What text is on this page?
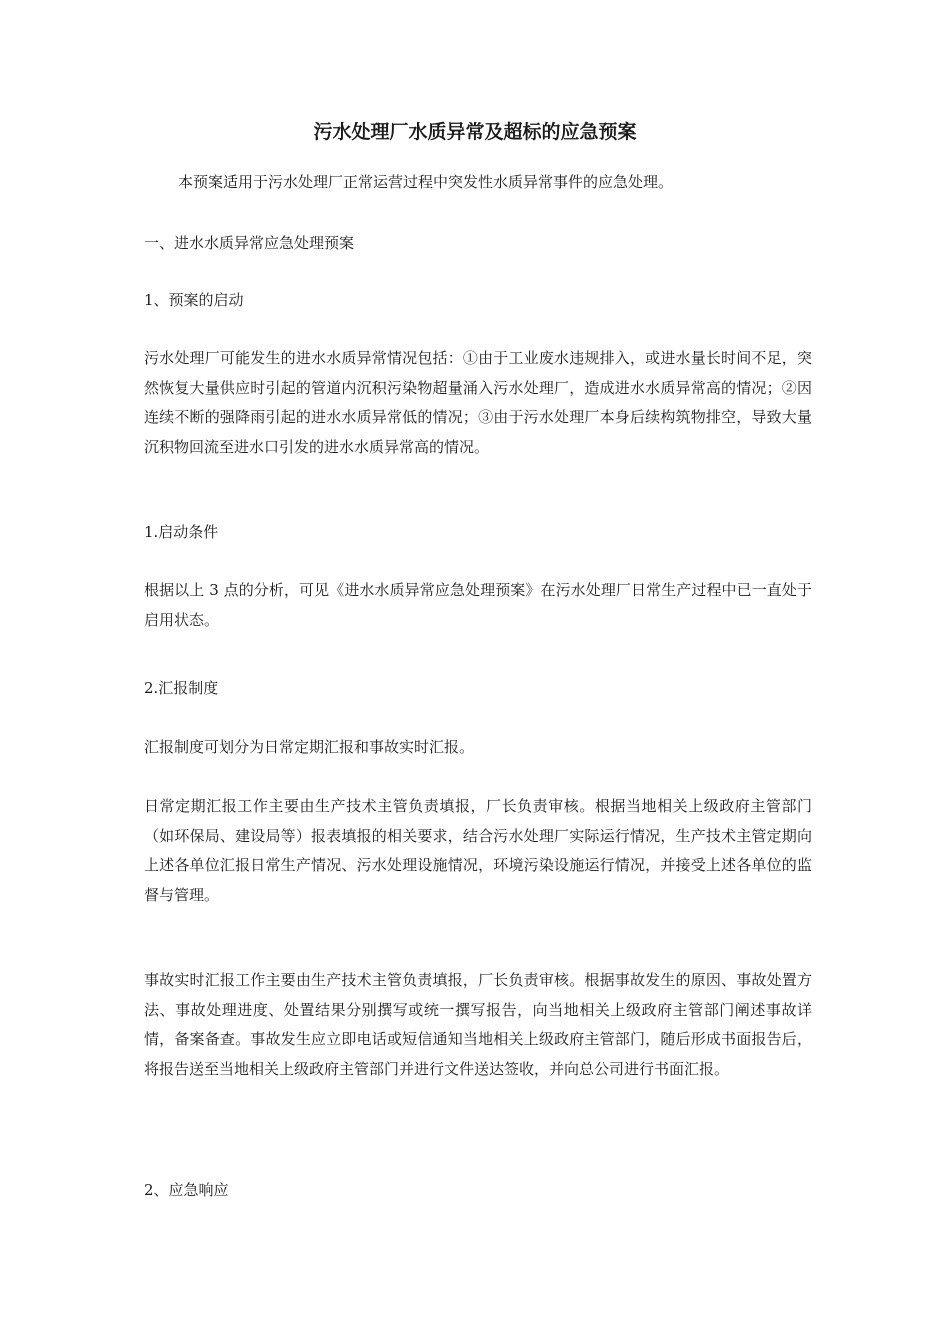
污水处理厂水质异常及超标的应急预案

本预案适用于污水处理厂正常运营过程中突发性水质异常事件的应急处理。

一、进水水质异常应急处理预案

1、预案的启动

污水处理厂可能发生的进水水质异常情况包括：①由于工业废水违规排入，或进水量长时间不足，突然恢复大量供应时引起的管道内沉积污染物超量涌入污水处理厂，造成进水水质异常高的情况；②因连续不断的强降雨引起的进水水质异常低的情况；③由于污水处理厂本身后续构筑物排空，导致大量沉积物回流至进水口引发的进水水质异常高的情况。

1.启动条件

根据以上 3 点的分析，可见《进水水质异常应急处理预案》在污水处理厂日常生产过程中已一直处于启用状态。

2.汇报制度

汇报制度可划分为日常定期汇报和事故实时汇报。

日常定期汇报工作主要由生产技术主管负责填报，厂长负责审核。根据当地相关上级政府主管部门（如环保局、建设局等）报表填报的相关要求，结合污水处理厂实际运行情况，生产技术主管定期向上述各单位汇报日常生产情况、污水处理设施情况，环境污染设施运行情况，并接受上述各单位的监督与管理。

事故实时汇报工作主要由生产技术主管负责填报，厂长负责审核。根据事故发生的原因、事故处置方法、事故处理进度、处置结果分别撰写或统一撰写报告，向当地相关上级政府主管部门阐述事故详情，备案备查。事故发生应立即电话或短信通知当地相关上级政府主管部门，随后形成书面报告后，将报告送至当地相关上级政府主管部门并进行文件送达签收，并向总公司进行书面汇报。

2、应急响应
